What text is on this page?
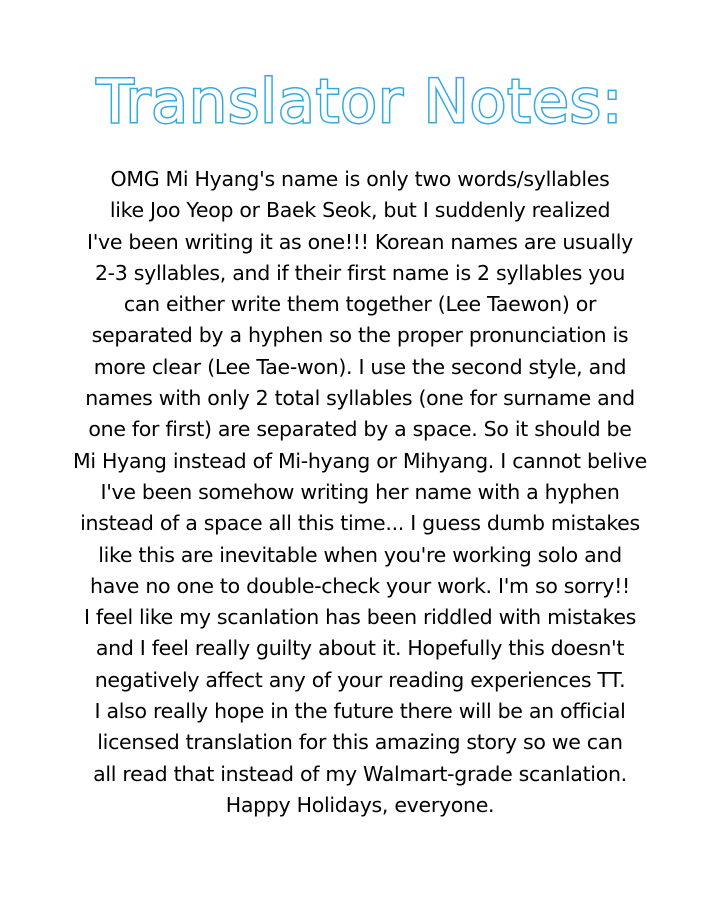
Translator Notes:
OMG Mi Hyang's name is only two words/syllables
like Joo Yeop or Baek Seok, but I suddenly realized
I've been writing it as one!!! Korean names are usually
2-3 syllables, and if their first name is 2 syllables you
can either write them together (Lee Taewon) or
separated by a hyphen so the proper pronunciation is
more clear (Lee Tae-won). I use the second style, and
names with only 2 total syllables (one for surname and
one for first) are separated by a space. So it should be
Mi Hyang instead of Mi-hyang or Mihyang. I cannot belive
I've been somehow writing her name with a hyphen
instead of a space all this time... I guess dumb mistakes
like this are inevitable when you're working solo and
have no one to double-check your work. I'm so sorry!!
I feel like my scanlation has been riddled with mistakes
and I feel really guilty about it. Hopefully this doesn't
negatively affect any of your reading experiences TT.
I also really hope in the future there will be an official
licensed translation for this amazing story so we can
all read that instead of my Walmart-grade scanlation.
Happy Holidays, everyone.
